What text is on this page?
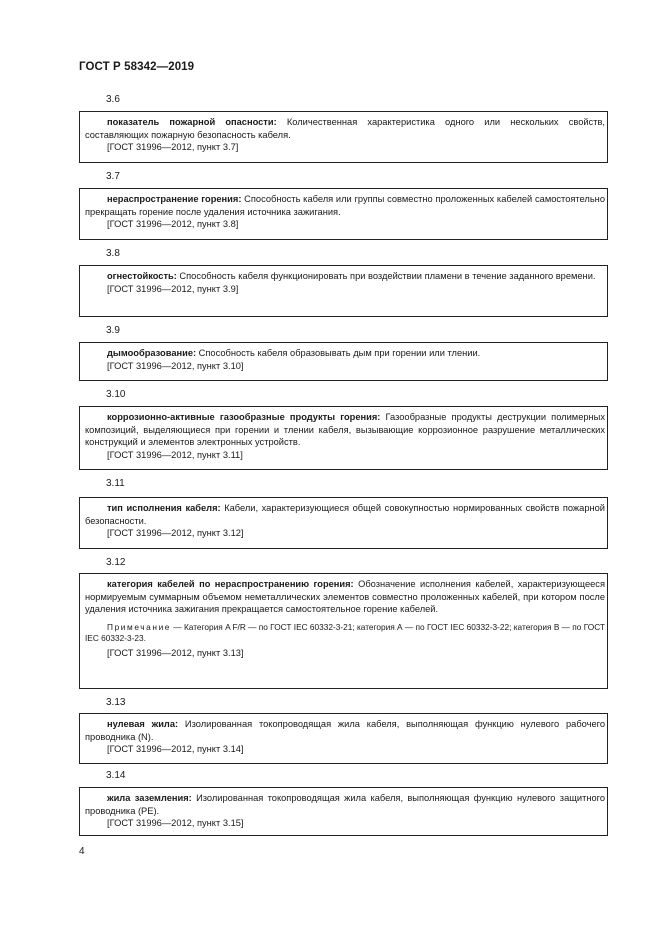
ГОСТ Р 58342—2019
3.6

показатель пожарной опасности: Количественная характеристика одного или нескольких свойств, составляющих пожарную безопасность кабеля.

[ГОСТ 31996—2012, пункт 3.7]

3.7

нераспространение горения: Способность кабеля или группы совместно проложенных кабелей самостоятельно прекращать горение после удаления источника зажигания.

[ГОСТ 31996—2012, пункт 3.8]

3.8

огнестойкость: Способность кабеля функционировать при воздействии пламени в течение заданного времени.

[ГОСТ 31996—2012, пункт 3.9]

3.9

дымообразование: Способность кабеля образовывать дым при горении или тлении.

[ГОСТ 31996—2012, пункт 3.10]

3.10

коррозионно-активные газообразные продукты горения: Газообразные продукты деструкции полимерных композиций, выделяющиеся при горении и тлении кабеля, вызывающие коррозионное разрушение металлических конструкций и элементов электронных устройств.

[ГОСТ 31996—2012, пункт 3.11]

3.11

тип исполнения кабеля: Кабели, характеризующиеся общей совокупностью нормированных свойств пожарной безопасности.

[ГОСТ 31996—2012, пункт 3.12]

3.12

категория кабелей по нераспространению горения: Обозначение исполнения кабелей, характеризующееся нормируемым суммарным объемом неметаллических элементов совместно проложенных кабелей, при котором после удаления источника зажигания прекращается самостоятельное горение кабелей.

Примечание — Категория A F/R — по ГОСТ IEC 60332-3-21; категория А — по ГОСТ IEC 60332-3-22; категория В — по ГОСТ IEC 60332-3-23.

[ГОСТ 31996—2012, пункт 3.13]

3.13

нулевая жила: Изолированная токопроводящая жила кабеля, выполняющая функцию нулевого рабочего проводника (N).

[ГОСТ 31996—2012, пункт 3.14]

3.14

жила заземления: Изолированная токопроводящая жила кабеля, выполняющая функцию нулевого защитного проводника (PE).

[ГОСТ 31996—2012, пункт 3.15]

4
